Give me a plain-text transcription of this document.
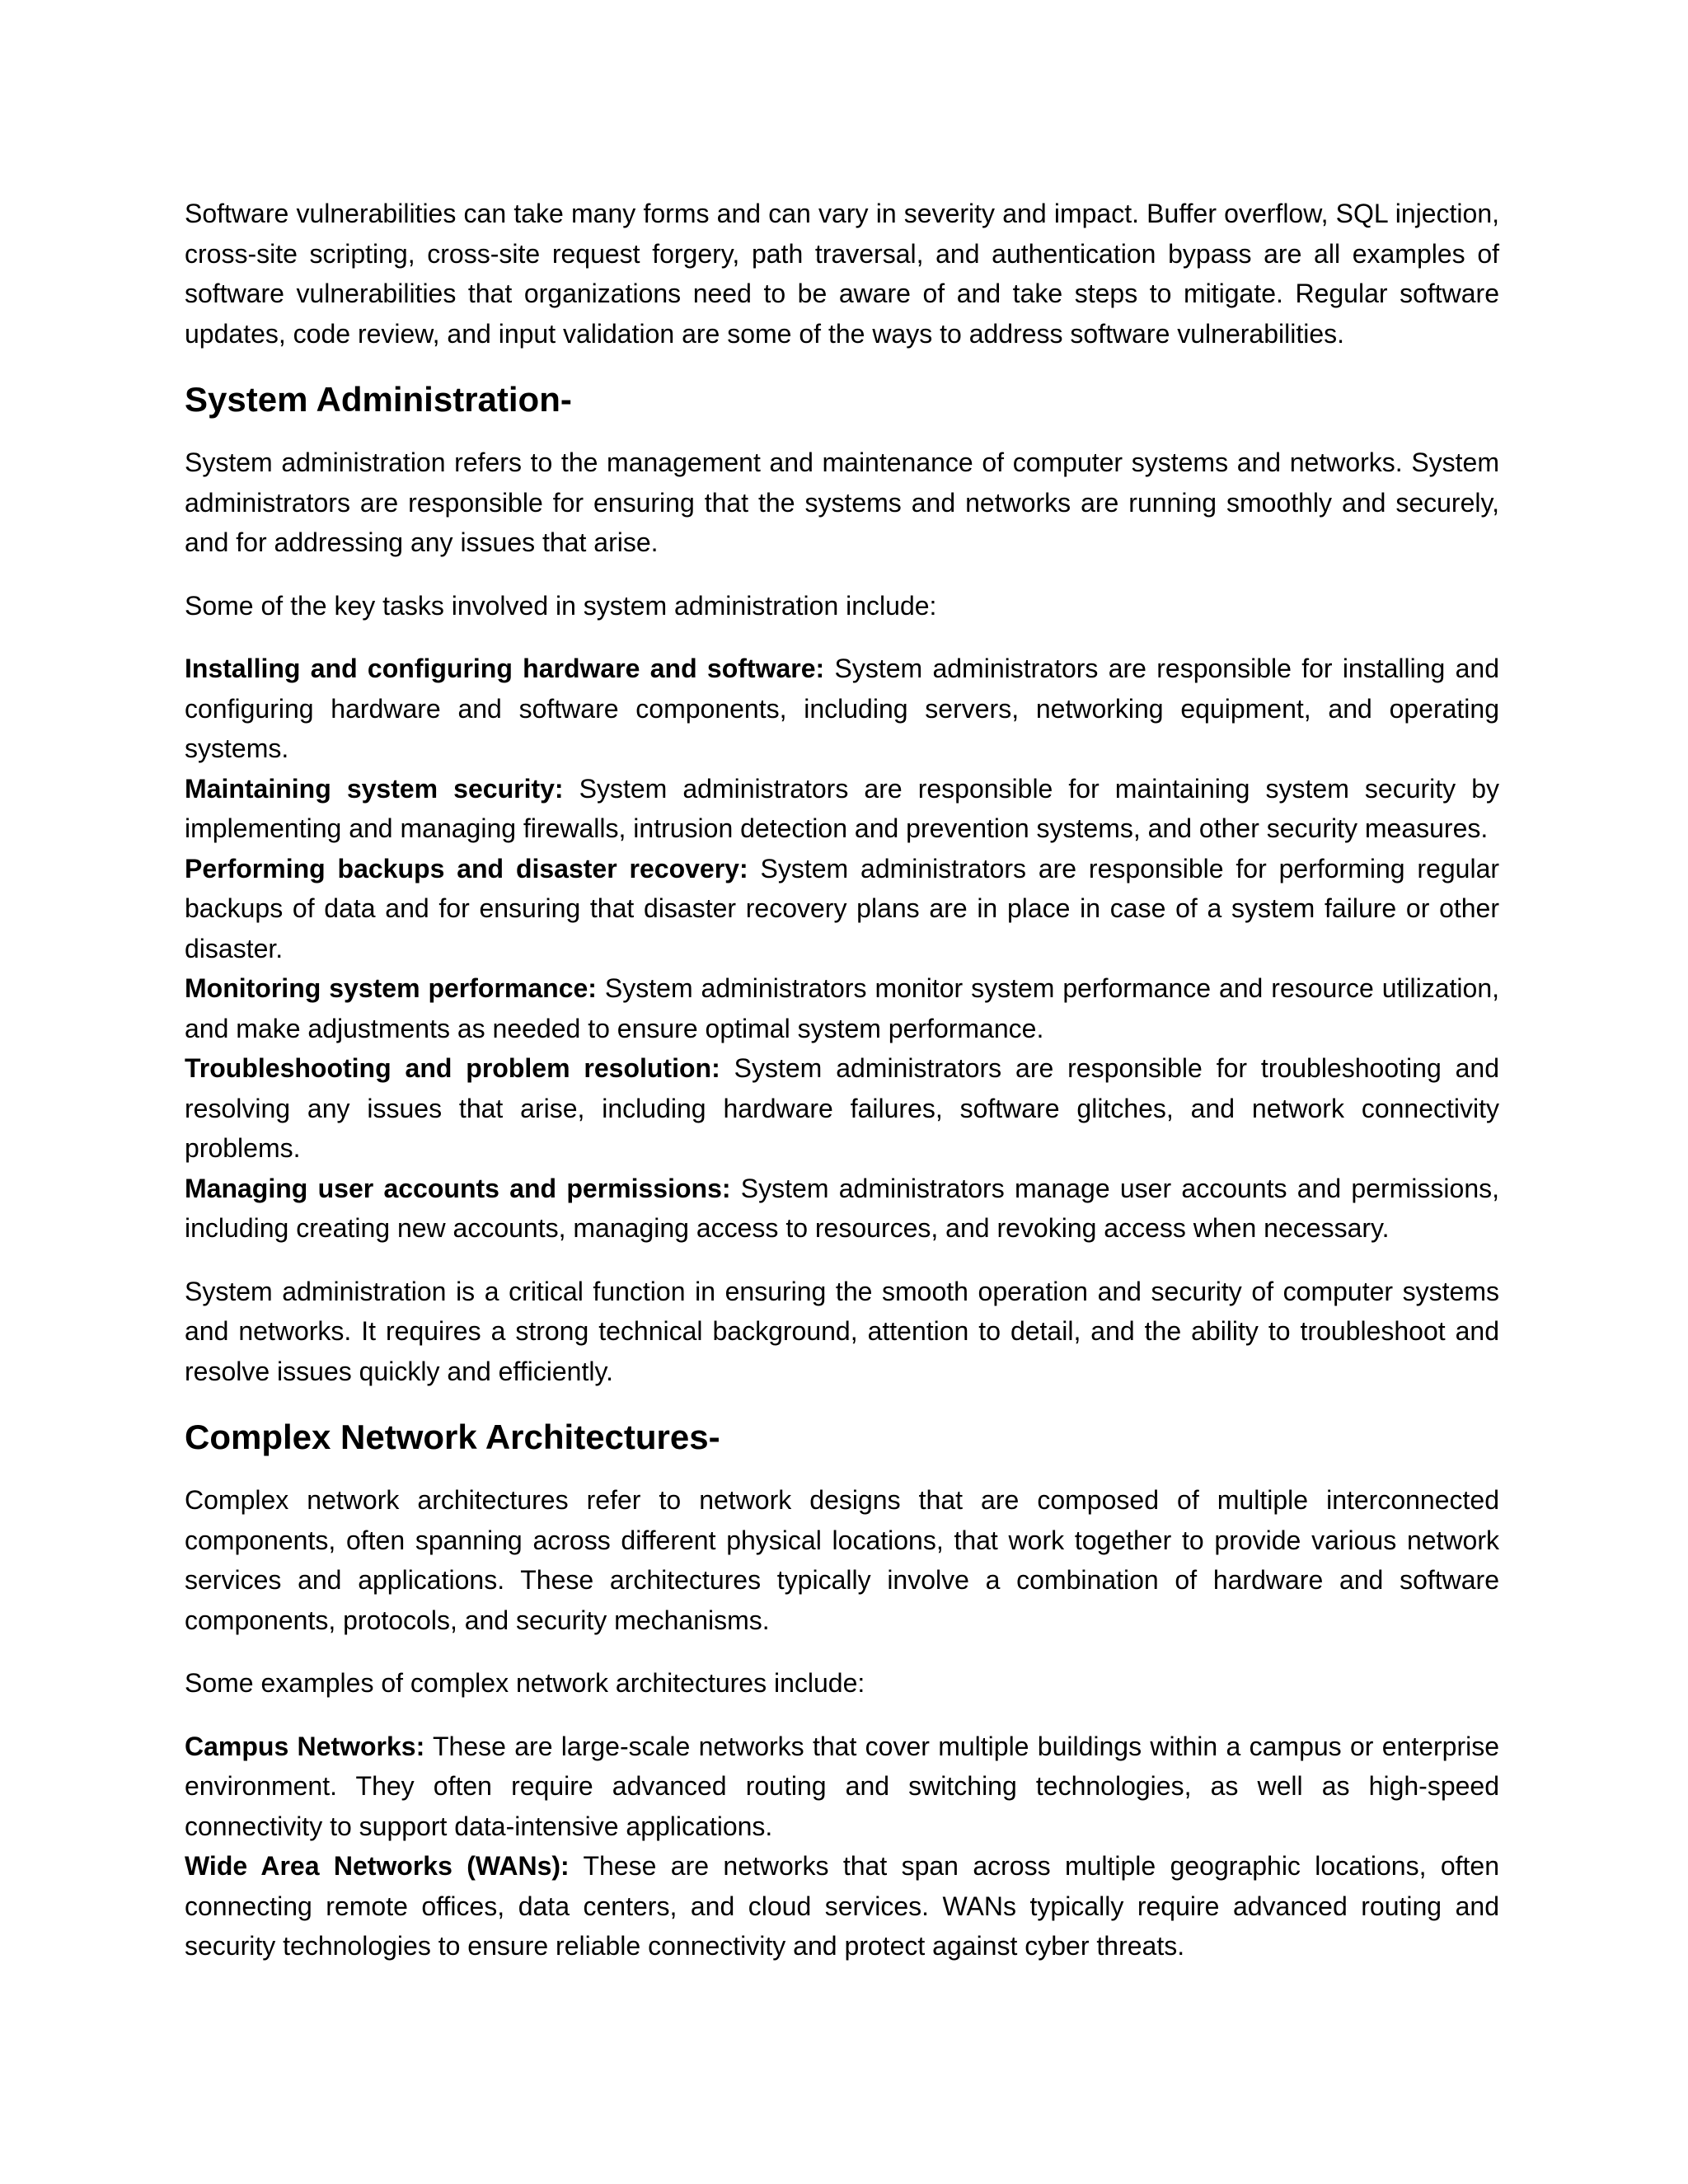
Software vulnerabilities can take many forms and can vary in severity and impact. Buffer overflow, SQL injection, cross-site scripting, cross-site request forgery, path traversal, and authentication bypass are all examples of software vulnerabilities that organizations need to be aware of and take steps to mitigate. Regular software updates, code review, and input validation are some of the ways to address software vulnerabilities.

System Administration-

System administration refers to the management and maintenance of computer systems and networks. System administrators are responsible for ensuring that the systems and networks are running smoothly and securely, and for addressing any issues that arise.

Some of the key tasks involved in system administration include:

Installing and configuring hardware and software: System administrators are responsible for installing and configuring hardware and software components, including servers, networking equipment, and operating systems.

Maintaining system security: System administrators are responsible for maintaining system security by implementing and managing firewalls, intrusion detection and prevention systems, and other security measures.

Performing backups and disaster recovery: System administrators are responsible for performing regular backups of data and for ensuring that disaster recovery plans are in place in case of a system failure or other disaster.

Monitoring system performance: System administrators monitor system performance and resource utilization, and make adjustments as needed to ensure optimal system performance.

Troubleshooting and problem resolution: System administrators are responsible for troubleshooting and resolving any issues that arise, including hardware failures, software glitches, and network connectivity problems.

Managing user accounts and permissions: System administrators manage user accounts and permissions, including creating new accounts, managing access to resources, and revoking access when necessary.

System administration is a critical function in ensuring the smooth operation and security of computer systems and networks. It requires a strong technical background, attention to detail, and the ability to troubleshoot and resolve issues quickly and efficiently.

Complex Network Architectures-

Complex network architectures refer to network designs that are composed of multiple interconnected components, often spanning across different physical locations, that work together to provide various network services and applications. These architectures typically involve a combination of hardware and software components, protocols, and security mechanisms.

Some examples of complex network architectures include:

Campus Networks: These are large-scale networks that cover multiple buildings within a campus or enterprise environment. They often require advanced routing and switching technologies, as well as high-speed connectivity to support data-intensive applications.

Wide Area Networks (WANs): These are networks that span across multiple geographic locations, often connecting remote offices, data centers, and cloud services. WANs typically require advanced routing and security technologies to ensure reliable connectivity and protect against cyber threats.
